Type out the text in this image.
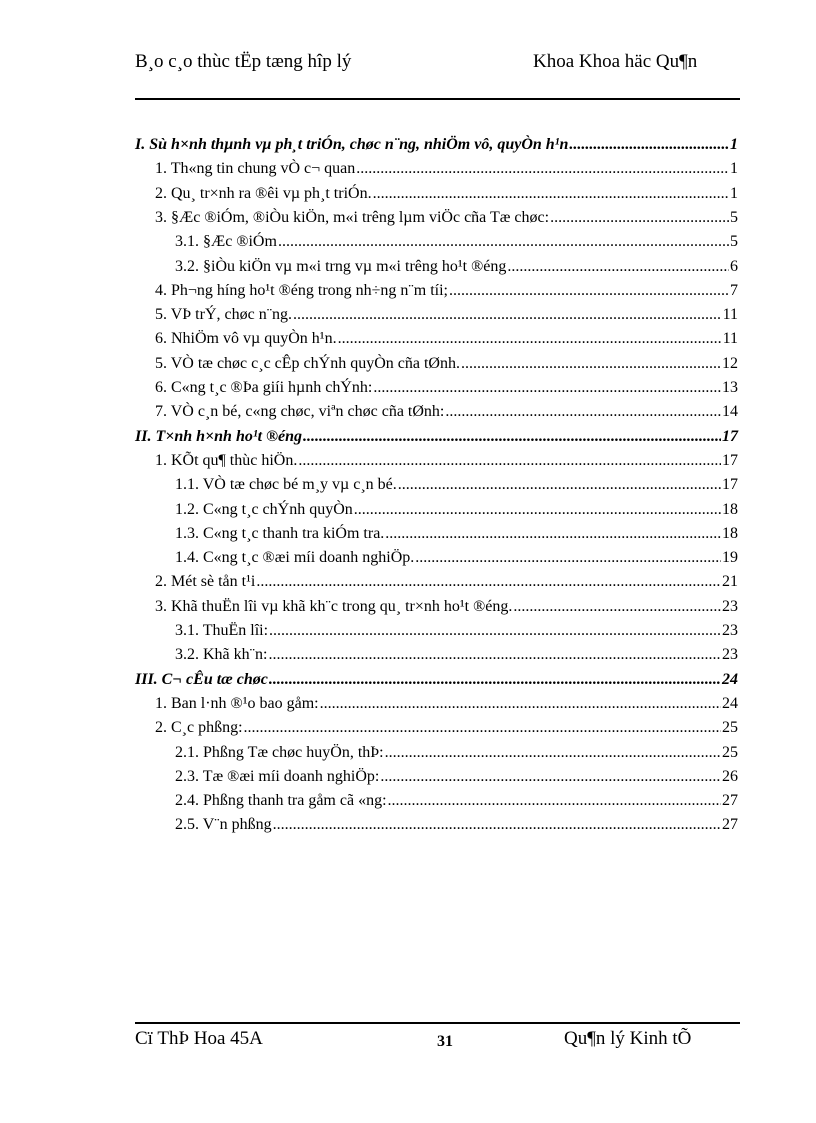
B¸o c¸o thùc tËp tæng hîp lý	Khoa Khoa häc Qu¶n
I. Sù h×nh thµnh vµ ph¸t triÓn, chøc n¨ng, nhiÖm vô, quyÒn h¹n .....	1
1. Th«ng tin chung vÒ c¬ quan .....	1
2. Qu¸ tr×nh ra ®êi vµ ph¸t triÓn. .....	1
3. §Æc ®iÓm, ®iÒu kiÖn, m«i trêng lµm viÖc cña Tæ chøc: .....	5
3.1. §Æc ®iÓm .....	5
3.2. §iÒu kiÖn vµ m«i trng vµ m«i trêng ho¹t ®éng .....	6
4. Ph¬ng híng ho¹t ®éng trong nh÷ng n¨m tíi; .....	7
5. VÞ trÝ, chøc n¨ng. .....	11
6. NhiÖm vô vµ quyÒn h¹n. .....	11
5. VÒ tæ chøc c¸c cÊp chÝnh quyÒn cña tØnh. .....	12
6. C«ng t¸c ®Þa giíi hµnh chÝnh: .....	13
7. VÒ c¸n bé, c«ng chøc, viªn chøc cña tØnh: .....	14
II. T×nh h×nh ho¹t ®éng .....	17
1. KÕt qu¶ thùc hiÖn. .....	17
1.1. VÒ tæ chøc bé m¸y vµ c¸n bé. .....	17
1.2. C«ng t¸c chÝnh quyÒn .....	18
1.3. C«ng t¸c thanh tra kiÓm tra. .....	18
1.4. C«ng t¸c ®æi míi doanh nghiÖp. .....	19
2. Mét sè tån t¹i .....	21
3. Khã thuËn lîi vµ khã kh¨c trong qu¸ tr×nh ho¹t ®éng. .....	23
3.1. ThuËn lîi: .....	23
3.2. Khã kh¨n: .....	23
III. C¬ cÊu tæ chøc .....	24
1. Ban l·nh ®¹o bao gåm: .....	24
2. C¸c phßng: .....	25
2.1. Phßng Tæ chøc huyÖn, thÞ: .....	25
2.3. Tæ ®æi míi doanh nghiÖp: .....	26
2.4. Phßng thanh tra gåm cã «ng: .....	27
2.5. V¨n phßng .....	27
Cï ThÞ Hoa 45A	31	Qu¶n lý Kinh tÕ
